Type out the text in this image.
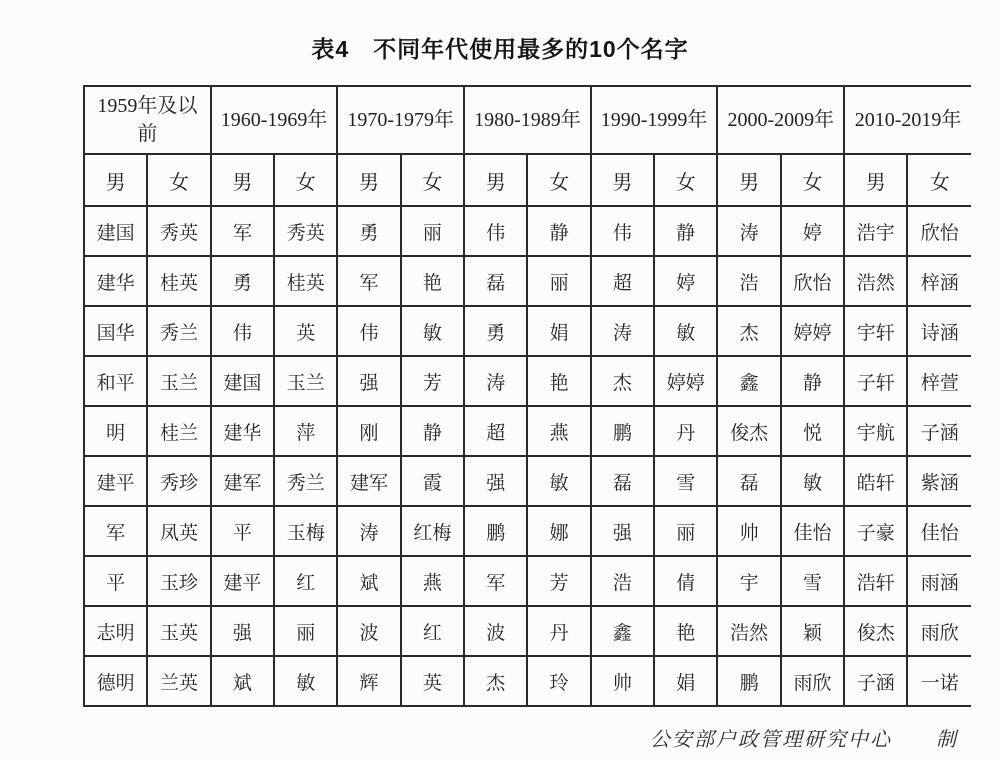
表4　不同年代使用最多的10个名字
1959年及以前		1960-1969年		1970-1979年		1980-1989年		1990-1999年		2000-2009年		2010-2019年	
男	女	男	女	男	女	男	女	男	女	男	女	男	女
建国	秀英	军	秀英	勇	丽	伟	静	伟	静	涛	婷	浩宇	欣怡
建华	桂英	勇	桂英	军	艳	磊	丽	超	婷	浩	欣怡	浩然	梓涵
国华	秀兰	伟	英	伟	敏	勇	娟	涛	敏	杰	婷婷	宇轩	诗涵
和平	玉兰	建国	玉兰	强	芳	涛	艳	杰	婷婷	鑫	静	子轩	梓萱
明	桂兰	建华	萍	刚	静	超	燕	鹏	丹	俊杰	悦	宇航	子涵
建平	秀珍	建军	秀兰	建军	霞	强	敏	磊	雪	磊	敏	皓轩	紫涵
军	凤英	平	玉梅	涛	红梅	鹏	娜	强	丽	帅	佳怡	子豪	佳怡
平	玉珍	建平	红	斌	燕	军	芳	浩	倩	宇	雪	浩轩	雨涵
志明	玉英	强	丽	波	红	波	丹	鑫	艳	浩然	颖	俊杰	雨欣
德明	兰英	斌	敏	辉	英	杰	玲	帅	娟	鹏	雨欣	子涵	一诺
公安部户政管理研究中心　　制
